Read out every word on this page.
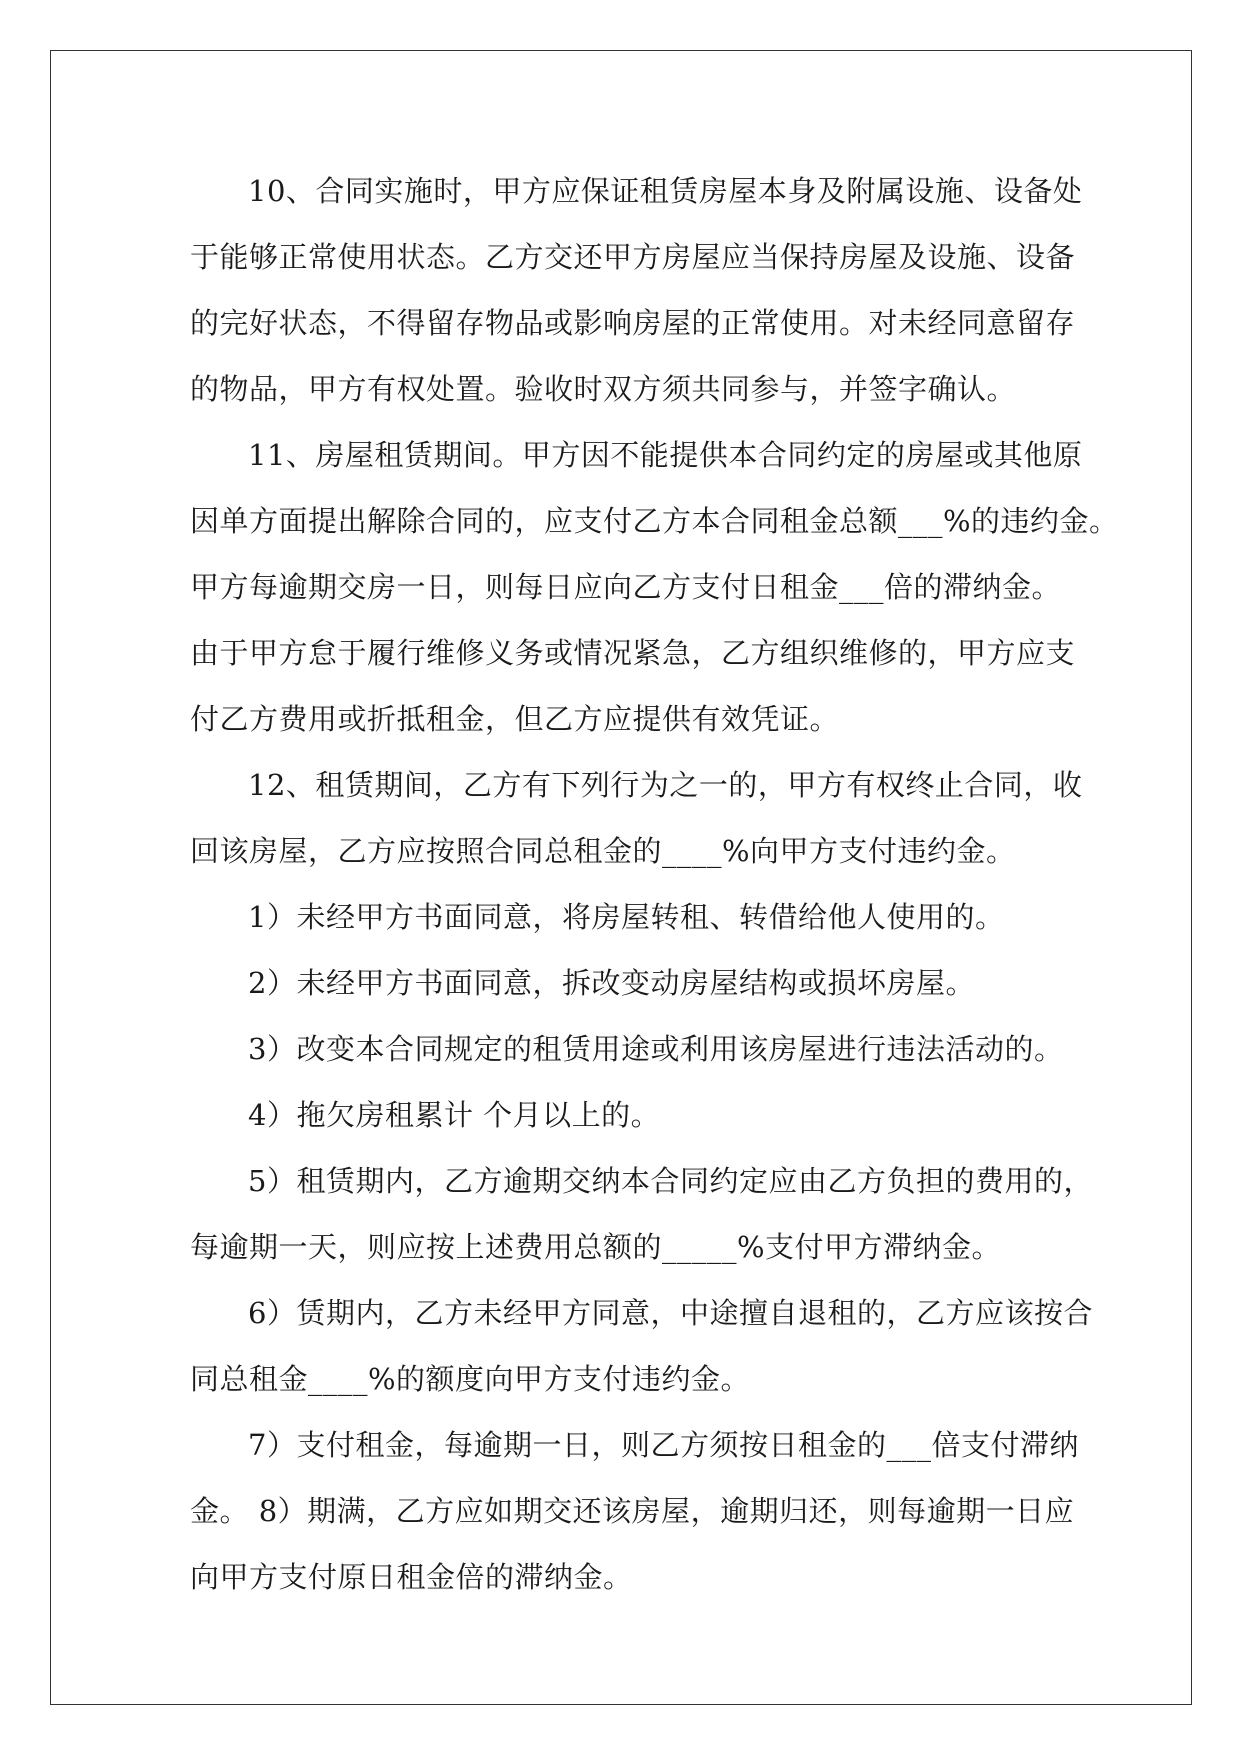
10、合同实施时，甲方应保证租赁房屋本身及附属设施、设备处
于能够正常使用状态。乙方交还甲方房屋应当保持房屋及设施、设备
的完好状态，不得留存物品或影响房屋的正常使用。对未经同意留存
的物品，甲方有权处置。验收时双方须共同参与，并签字确认。
11、房屋租赁期间。甲方因不能提供本合同约定的房屋或其他原
因单方面提出解除合同的，应支付乙方本合同租金总额___%的违约金。
甲方每逾期交房一日，则每日应向乙方支付日租金___倍的滞纳金。
由于甲方怠于履行维修义务或情况紧急，乙方组织维修的，甲方应支
付乙方费用或折抵租金，但乙方应提供有效凭证。
12、租赁期间，乙方有下列行为之一的，甲方有权终止合同，收
回该房屋，乙方应按照合同总租金的____%向甲方支付违约金。
1）未经甲方书面同意，将房屋转租、转借给他人使用的。
2）未经甲方书面同意，拆改变动房屋结构或损坏房屋。
3）改变本合同规定的租赁用途或利用该房屋进行违法活动的。
4）拖欠房租累计 个月以上的。
5）租赁期内，乙方逾期交纳本合同约定应由乙方负担的费用的，
每逾期一天，则应按上述费用总额的_____%支付甲方滞纳金。
6）赁期内，乙方未经甲方同意，中途擅自退租的，乙方应该按合
同总租金____%的额度向甲方支付违约金。
7）支付租金，每逾期一日，则乙方须按日租金的___倍支付滞纳
金。 8）期满，乙方应如期交还该房屋，逾期归还，则每逾期一日应
向甲方支付原日租金倍的滞纳金。
